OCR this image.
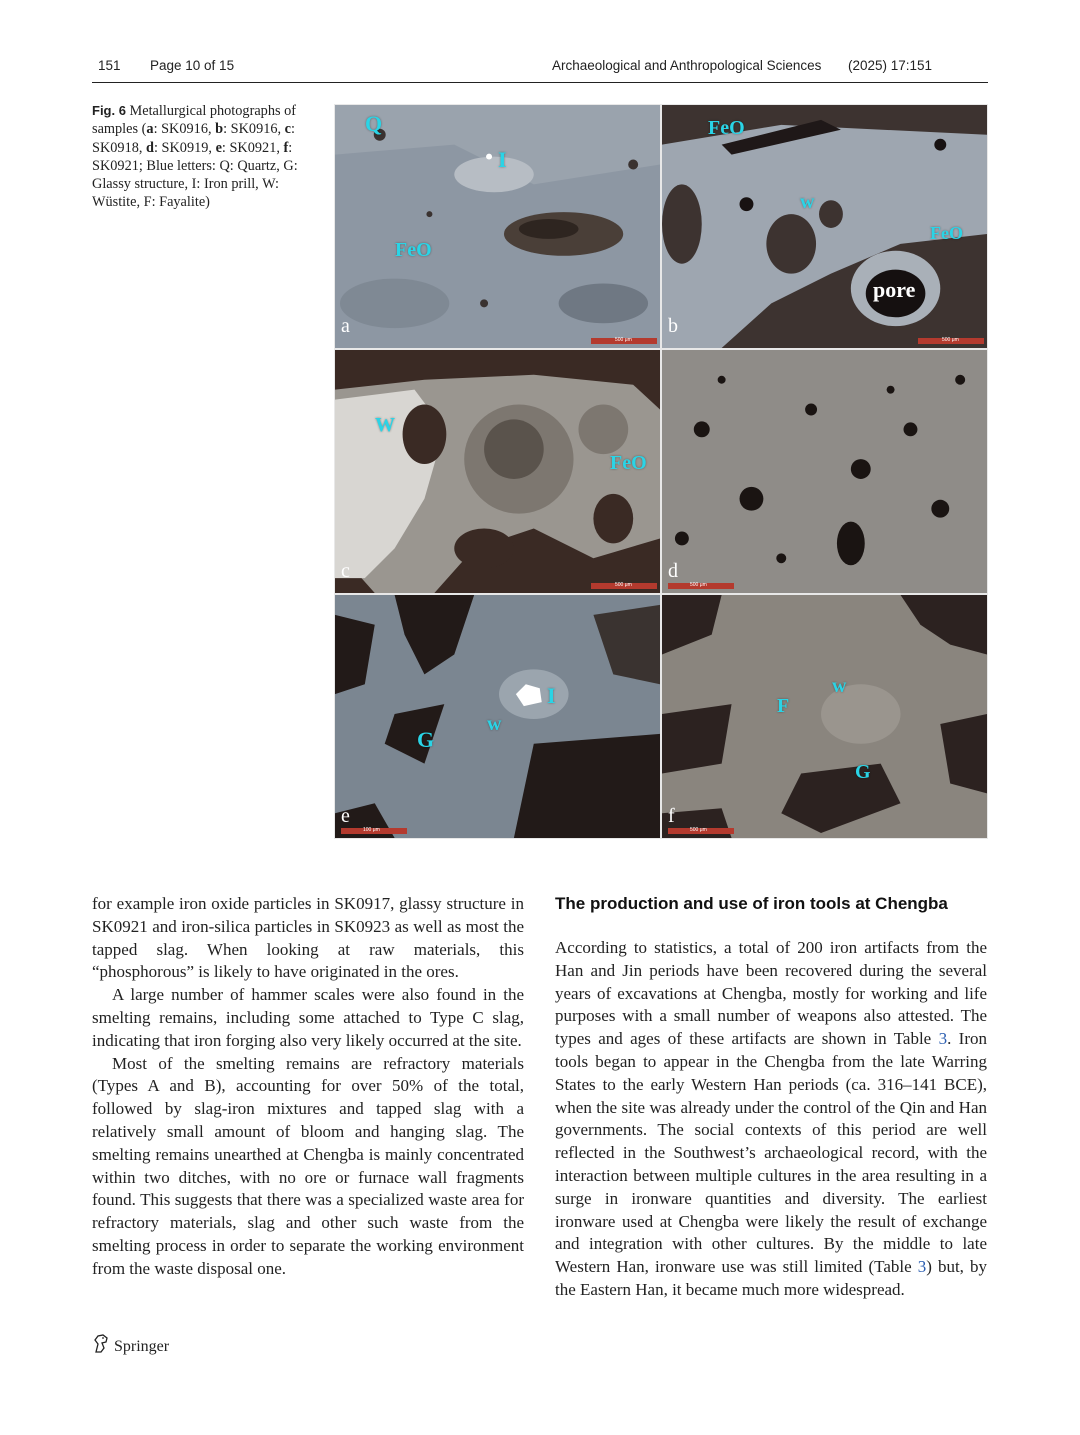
151 Page 10 of 15	Archaeological and Anthropological Sciences (2025) 17:151
Fig. 6 Metallurgical photographs of samples (a: SK0916, b: SK0916, c: SK0918, d: SK0919, e: SK0921, f: SK0921; Blue letters: Q: Quartz, G: Glassy structure, I: Iron prill, W: Wüstite, F: Fayalite)
Q
I
FeO
a
500 μm
FeO
w
FeO
pore
b
500 μm
W
FeO
c
500 μm
d
500 μm
I
w
G
e
100 μm
w
F
G
f
500 μm

for example iron oxide particles in SK0917, glassy structure in SK0921 and iron-silica particles in SK0923 as well as most the tapped slag. When looking at raw materials, this “phosphorous” is likely to have originated in the ores.

A large number of hammer scales were also found in the smelting remains, including some attached to Type C slag, indicating that iron forging also very likely occurred at the site.

Most of the smelting remains are refractory materials (Types A and B), accounting for over 50% of the total, followed by slag-iron mixtures and tapped slag with a relatively small amount of bloom and hanging slag. The smelting remains unearthed at Chengba is mainly concentrated within two ditches, with no ore or furnace wall fragments found. This suggests that there was a specialized waste area for refractory materials, slag and other such waste from the smelting process in order to separate the working environment from the waste disposal one.

The production and use of iron tools at Chengba

According to statistics, a total of 200 iron artifacts from the Han and Jin periods have been recovered during the several years of excavations at Chengba, mostly for working and life purposes with a small number of weapons also attested. The types and ages of these artifacts are shown in Table 3. Iron tools began to appear in the Chengba from the late Warring States to the early Western Han periods (ca. 316–141 BCE), when the site was already under the control of the Qin and Han governments. The social contexts of this period are well reflected in the Southwest’s archaeological record, with the interaction between multiple cultures in the area resulting in a surge in ironware quantities and diversity. The earliest ironware used at Chengba were likely the result of exchange and integration with other cultures. By the middle to late Western Han, ironware use was still limited (Table 3) but, by the Eastern Han, it became much more widespread.

Springer
